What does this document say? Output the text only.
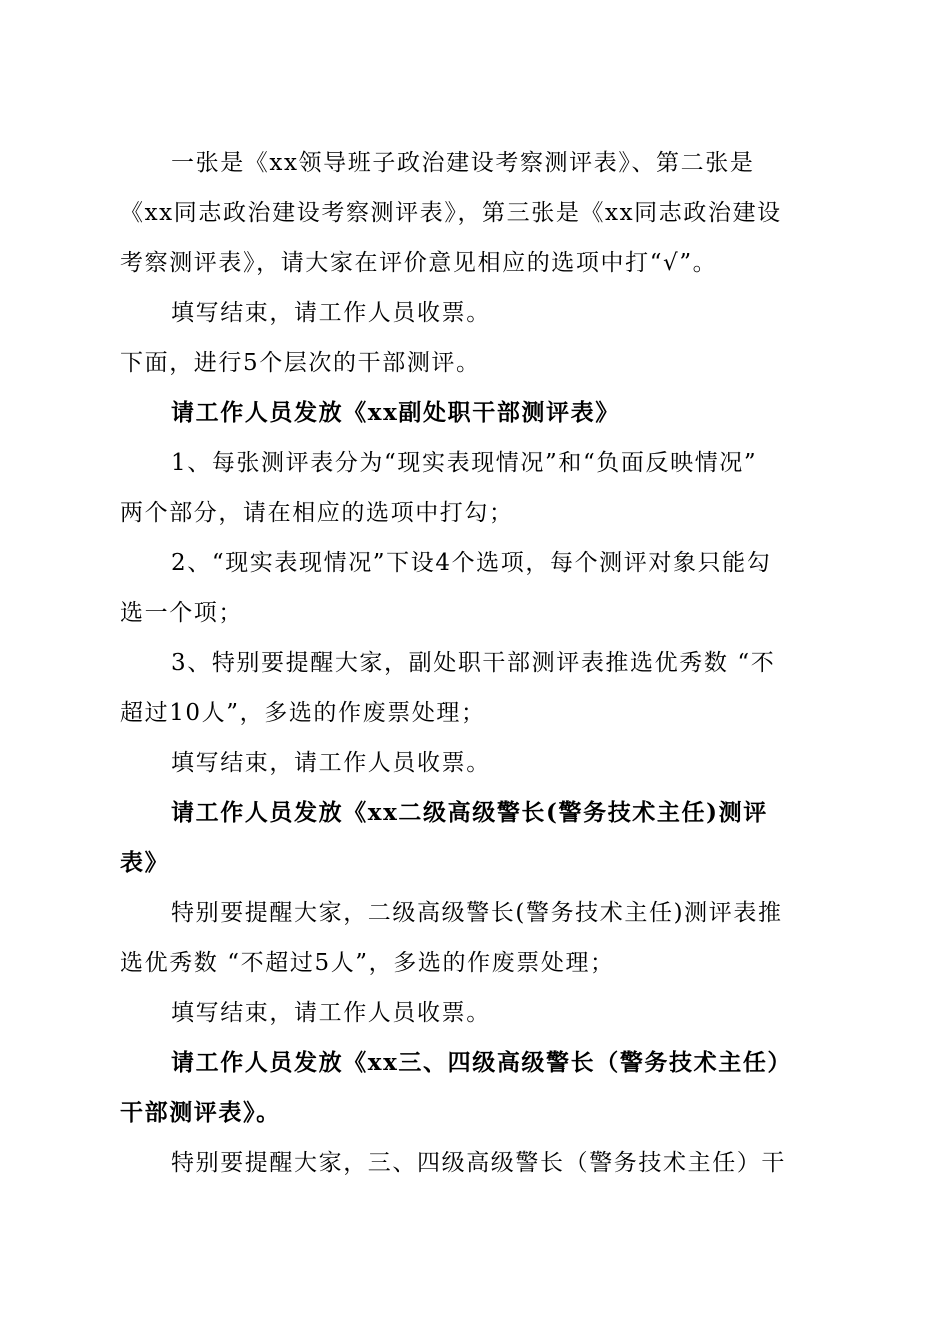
一张是《xx领导班子政治建设考察测评表》、第二张是
《xx同志政治建设考察测评表》，第三张是《xx同志政治建设
考察测评表》，请大家在评价意见相应的选项中打“√”。
填写结束，请工作人员收票。
下面，进行5个层次的干部测评。
请工作人员发放《xx副处职干部测评表》
1、每张测评表分为“现实表现情况”和“负面反映情况”
两个部分，请在相应的选项中打勾；
2、“现实表现情况”下设4个选项，每个测评对象只能勾
选一个项；
3、特别要提醒大家，副处职干部测评表推选优秀数 “不
超过10人”，多选的作废票处理；
填写结束，请工作人员收票。
请工作人员发放《xx二级高级警长(警务技术主任)测评
表》
特别要提醒大家，二级高级警长(警务技术主任)测评表推
选优秀数 “不超过5人”，多选的作废票处理；
填写结束，请工作人员收票。
请工作人员发放《xx三、四级高级警长（警务技术主任）
干部测评表》。
特别要提醒大家，三、四级高级警长（警务技术主任）干
